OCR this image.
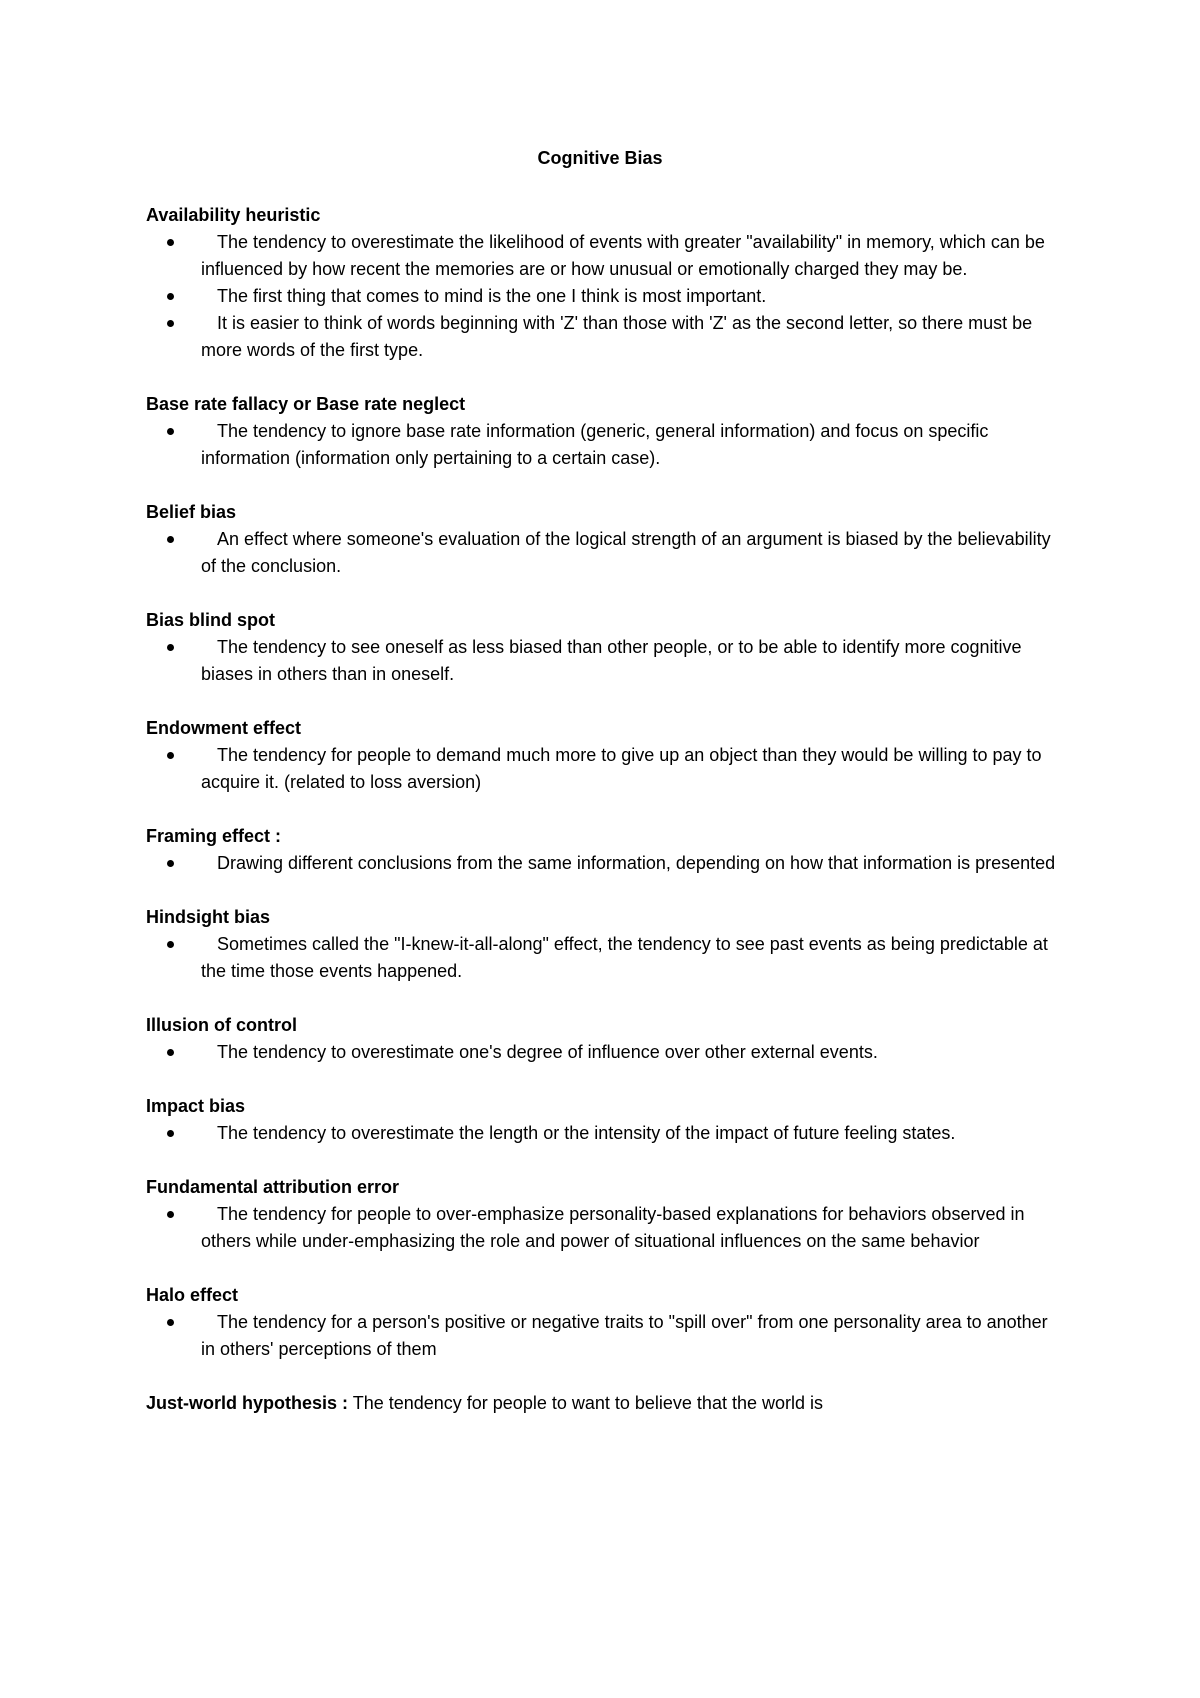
Cognitive Bias

Availability heuristic

The tendency to overestimate the likelihood of events with greater "availability" in memory, which can be influenced by how recent the memories are or how unusual or emotionally charged they may be.
The first thing that comes to mind is the one I think is most important.
It is easier to think of words beginning with 'Z' than those with 'Z' as the second letter, so there must be more words of the first type.

Base rate fallacy or Base rate neglect

The tendency to ignore base rate information (generic, general information) and focus on specific information (information only pertaining to a certain case).

Belief bias

An effect where someone's evaluation of the logical strength of an argument is biased by the believability of the conclusion.

Bias blind spot

The tendency to see oneself as less biased than other people, or to be able to identify more cognitive biases in others than in oneself.

Endowment effect

The tendency for people to demand much more to give up an object than they would be willing to pay to acquire it. (related to loss aversion)

Framing effect :

Drawing different conclusions from the same information, depending on how that information is presented

Hindsight bias

Sometimes called the "I-knew-it-all-along" effect, the tendency to see past events as being predictable at the time those events happened.

Illusion of control

The tendency to overestimate one's degree of influence over other external events.

Impact bias

The tendency to overestimate the length or the intensity of the impact of future feeling states.

Fundamental attribution error

The tendency for people to over-emphasize personality-based explanations for behaviors observed in others while under-emphasizing the role and power of situational influences on the same behavior

Halo effect

The tendency for a person's positive or negative traits to "spill over" from one personality area to another in others' perceptions of them

Just-world hypothesis : The tendency for people to want to believe that the world is
